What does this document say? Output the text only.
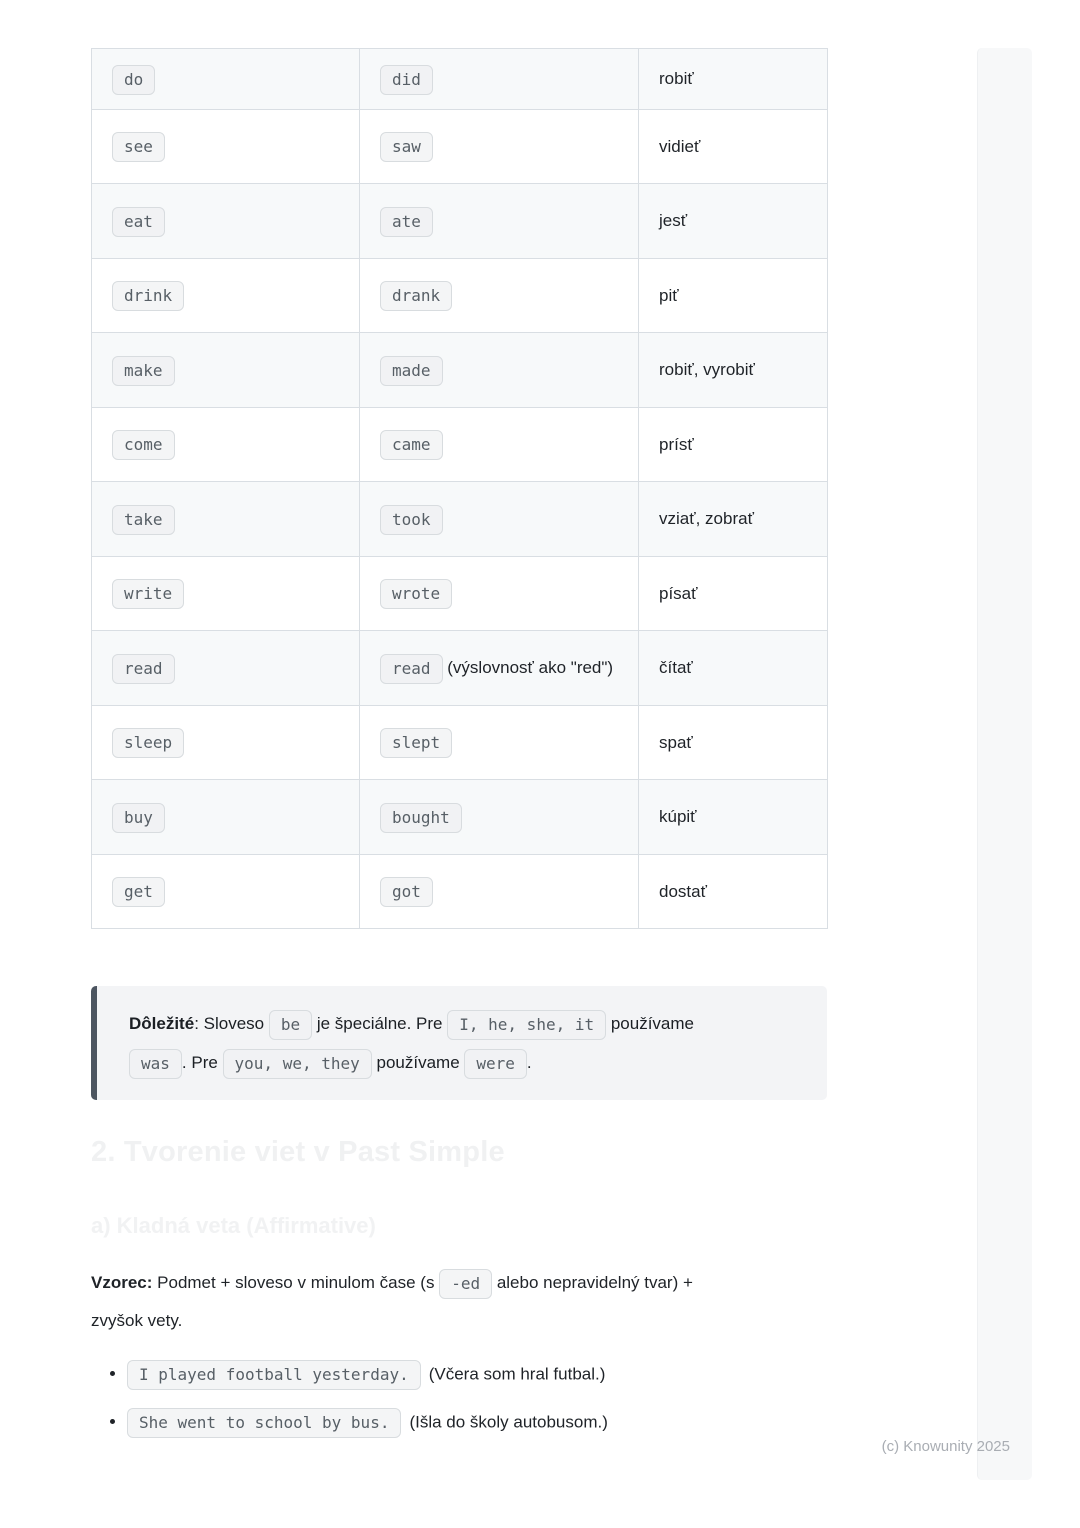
do	did	robiť
see	saw	vidieť
eat	ate	jesť
drink	drank	piť
make	made	robiť, vyrobiť
come	came	prísť
take	took	vziať, zobrať
write	wrote	písať
read	read (výslovnosť ako "red")	čítať
sleep	slept	spať
buy	bought	kúpiť
get	got	dostať
Dôležité: Sloveso be je špeciálne. Pre I, he, she, it používame
was . Pre you, we, they používame were .
2. Tvorenie viet v Past Simple
a) Kladná veta (Affirmative)
Vzorec: Podmet + sloveso v minulom čase (s -ed alebo nepravidelný tvar) +
zvyšok vety.
• I played football yesterday. (Včera som hral futbal.)
• She went to school by bus. (Išla do školy autobusom.)
(c) Knowunity 2025
